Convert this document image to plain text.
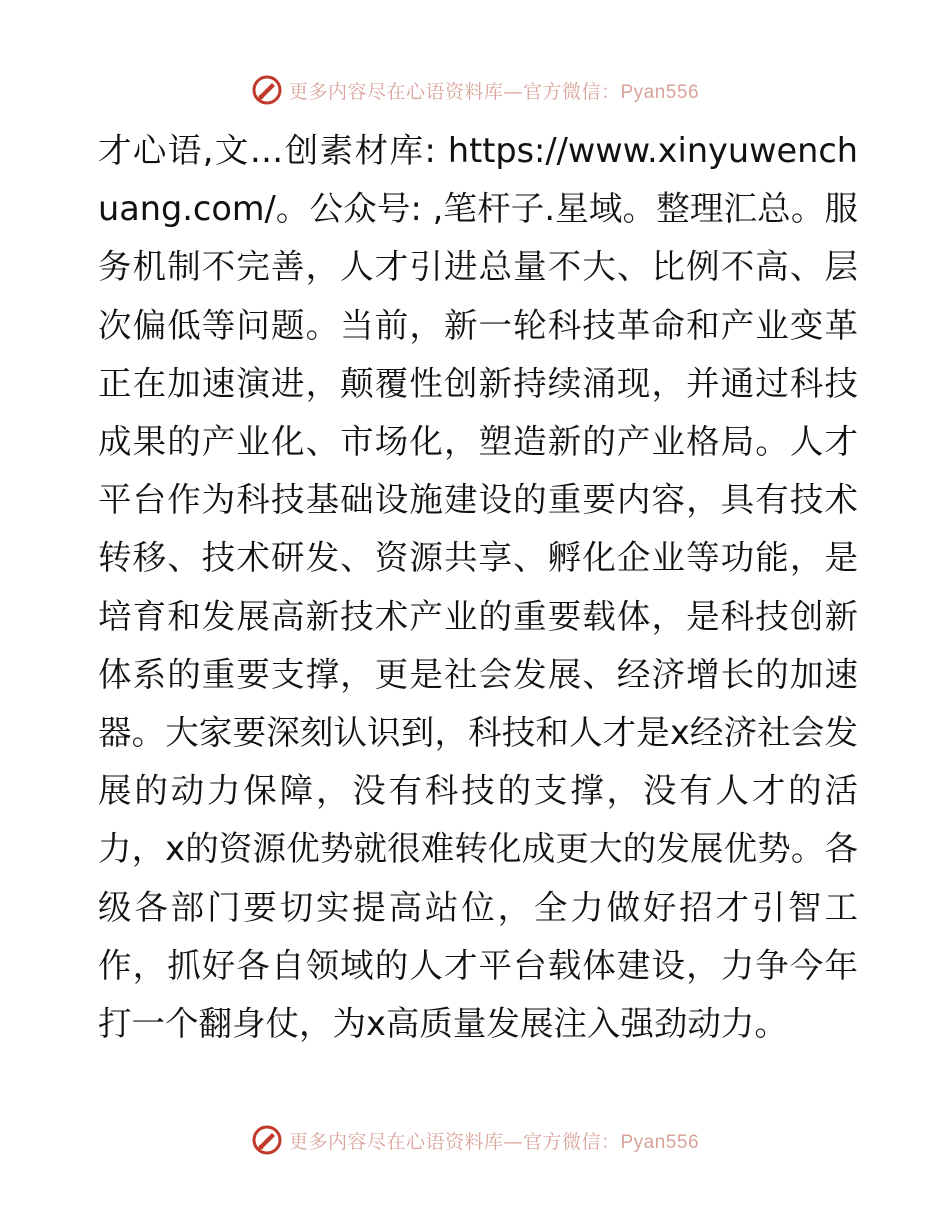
更多内容尽在心语资料库—官方微信：Pyan556

才心语,文…创素材库: https://www.xinyuwenchuang.com/。公众号: ,笔杆子.星域。整理汇总。服务机制不完善，人才引进总量不大、比例不高、层次偏低等问题。当前，新一轮科技革命和产业变革正在加速演进，颠覆性创新持续涌现，并通过科技成果的产业化、市场化，塑造新的产业格局。人才平台作为科技基础设施建设的重要内容，具有技术转移、技术研发、资源共享、孵化企业等功能，是培育和发展高新技术产业的重要载体，是科技创新体系的重要支撑，更是社会发展、经济增长的加速器。大家要深刻认识到，科技和人才是x经济社会发展的动力保障，没有科技的支撑，没有人才的活力，x的资源优势就很难转化成更大的发展优势。各级各部门要切实提高站位，全力做好招才引智工作，抓好各自领域的人才平台载体建设，力争今年打一个翻身仗，为x高质量发展注入强劲动力。

更多内容尽在心语资料库—官方微信：Pyan556
